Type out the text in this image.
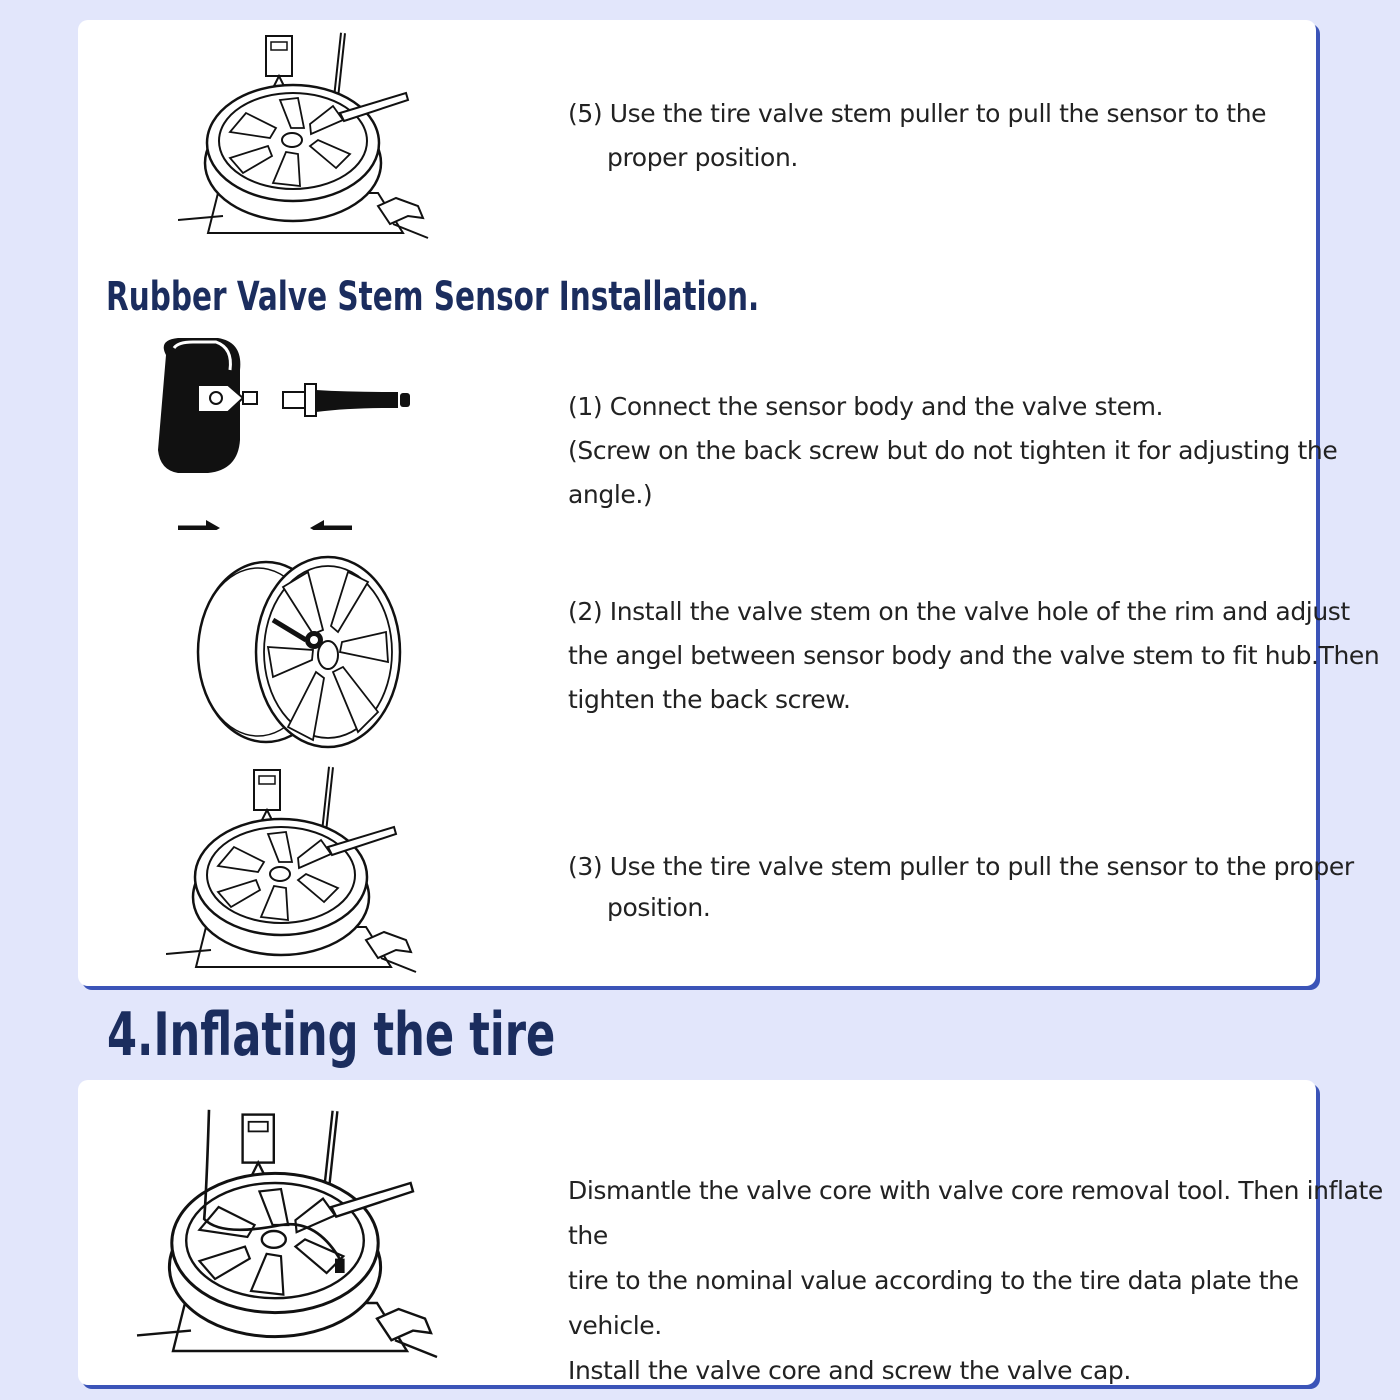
(5) Use the tire valve stem puller to pull the sensor to the

proper position.

Rubber Valve Stem Sensor Installation.

(1) Connect the sensor body and the valve stem.

(Screw on the back screw but do not tighten it for adjusting the angle.)

(2) Install the valve stem on the valve hole of the rim and adjust

the angel between sensor body and the valve stem to fit hub.Then

tighten the back screw.

(3) Use the tire valve stem puller to pull the sensor to the proper

position.

4.Inflating the tire

Dismantle the valve core with valve core removal tool. Then inflate the

tire to the nominal value according to the tire data plate the vehicle.

Install the valve core and screw the valve cap.
